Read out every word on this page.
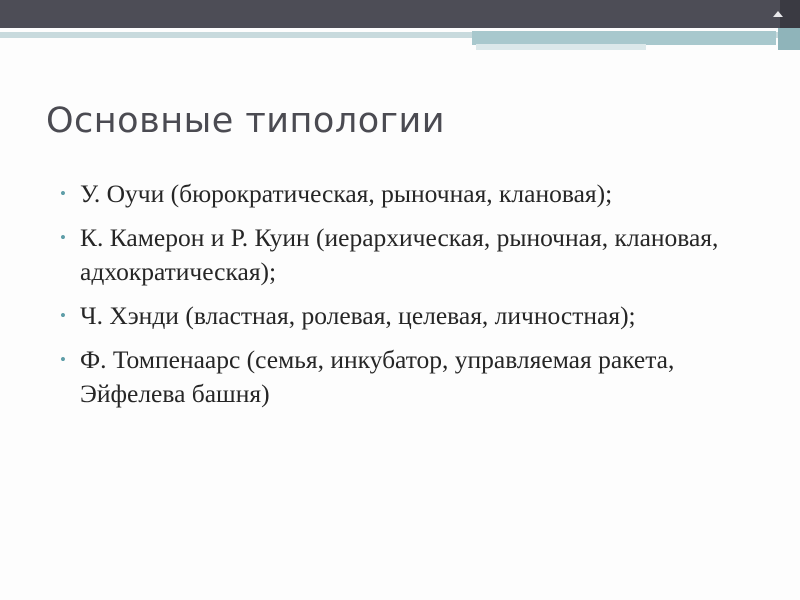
Основные типологии
• У. Оучи (бюрократическая, рыночная, клановая);
• К. Камерон и Р. Куин (иерархическая, рыночная, клановая, адхократическая);
• Ч. Хэнди (властная, ролевая, целевая, личностная);
• Ф. Томпенаарс (семья, инкубатор, управляемая ракета, Эйфелева башня)
